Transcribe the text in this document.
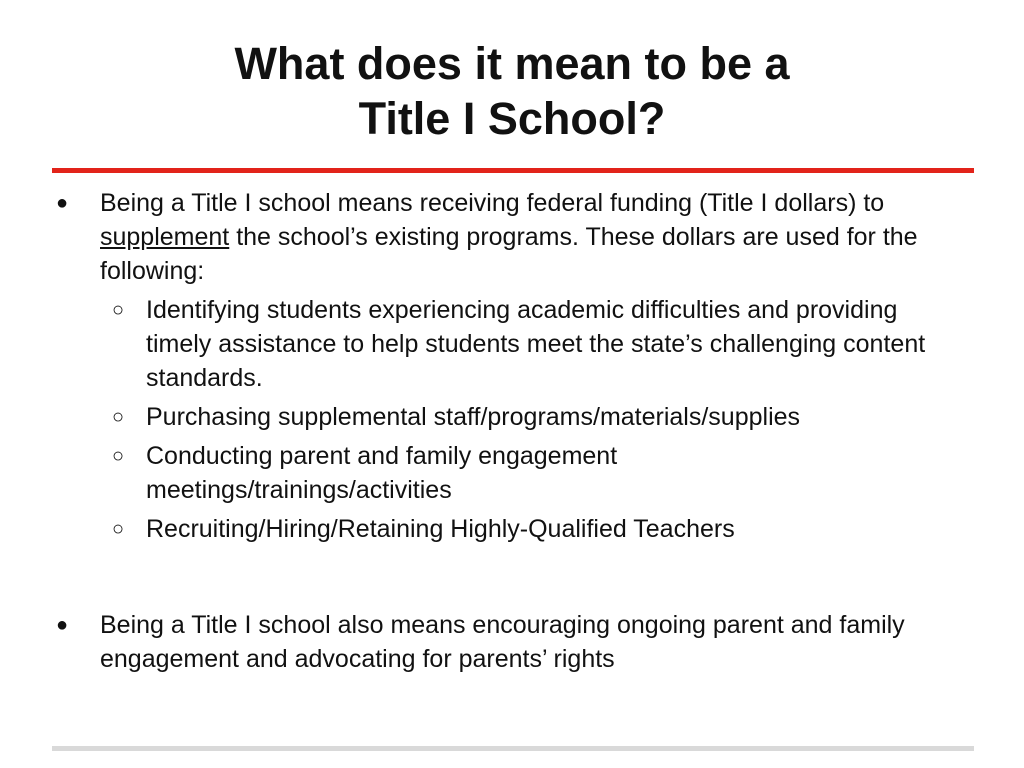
What does it mean to be a
Title I School?
● Being a Title I school means receiving federal funding (Title I dollars) to supplement the school’s existing programs. These dollars are used for the following:
○ Identifying students experiencing academic difficulties and providing timely assistance to help students meet the state’s challenging content standards.
○ Purchasing supplemental staff/programs/materials/supplies
○ Conducting parent and family engagement meetings/trainings/activities
○ Recruiting/Hiring/Retaining Highly-Qualified Teachers
● Being a Title I school also means encouraging ongoing parent and family engagement and advocating for parents’ rights
